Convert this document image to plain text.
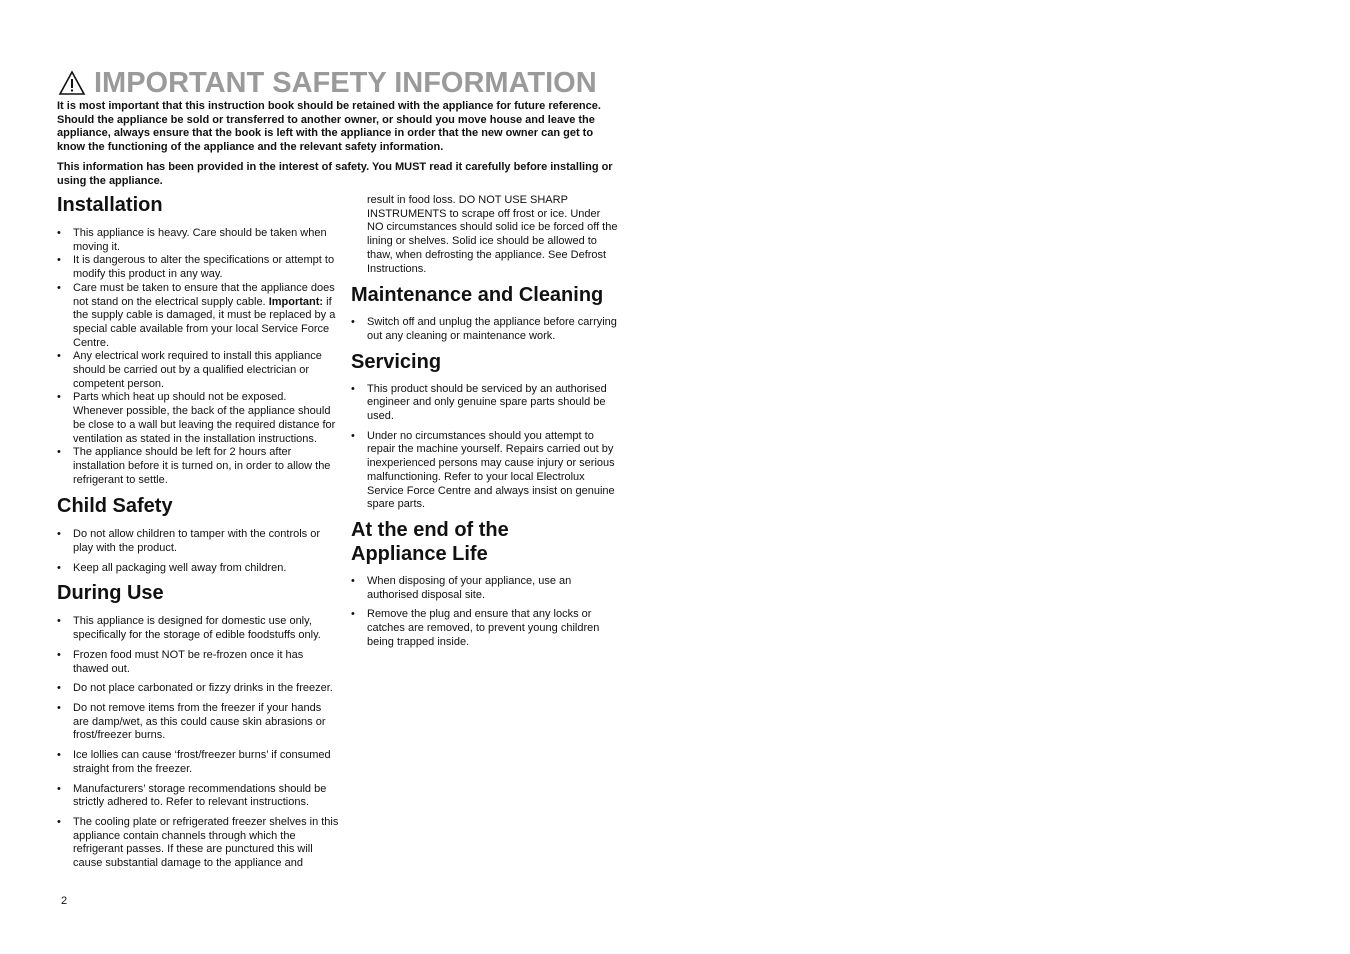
IMPORTANT SAFETY INFORMATION

It is most important that this instruction book should be retained with the appliance for future reference. Should the appliance be sold or transferred to another owner, or should you move house and leave the appliance, always ensure that the book is left with the appliance in order that the new owner can get to know the functioning of the appliance and the relevant safety information.

This information has been provided in the interest of safety. You MUST read it carefully before installing or using the appliance.

Installation
• This appliance is heavy. Care should be taken when moving it.
• It is dangerous to alter the specifications or attempt to modify this product in any way.
• Care must be taken to ensure that the appliance does not stand on the electrical supply cable. Important: if the supply cable is damaged, it must be replaced by a special cable available from your local Service Force Centre.
• Any electrical work required to install this appliance should be carried out by a qualified electrician or competent person.
• Parts which heat up should not be exposed. Whenever possible, the back of the appliance should be close to a wall but leaving the required distance for ventilation as stated in the installation instructions.
• The appliance should be left for 2 hours after installation before it is turned on, in order to allow the refrigerant to settle.
Child Safety
• Do not allow children to tamper with the controls or play with the product.
• Keep all packaging well away from children.
During Use
• This appliance is designed for domestic use only, specifically for the storage of edible foodstuffs only.
• Frozen food must NOT be re-frozen once it has thawed out.
• Do not place carbonated or fizzy drinks in the freezer.
• Do not remove items from the freezer if your hands are damp/wet, as this could cause skin abrasions or frost/freezer burns.
• Ice lollies can cause ‘frost/freezer burns’ if consumed straight from the freezer.
• Manufacturers’ storage recommendations should be strictly adhered to. Refer to relevant instructions.
• The cooling plate or refrigerated freezer shelves in this appliance contain channels through which the refrigerant passes. If these are punctured this will cause substantial damage to the appliance and
result in food loss. DO NOT USE SHARP INSTRUMENTS to scrape off frost or ice. Under NO circumstances should solid ice be forced off the lining or shelves. Solid ice should be allowed to thaw, when defrosting the appliance. See Defrost Instructions.
Maintenance and Cleaning
• Switch off and unplug the appliance before carrying out any cleaning or maintenance work.
Servicing
• This product should be serviced by an authorised engineer and only genuine spare parts should be used.
• Under no circumstances should you attempt to repair the machine yourself. Repairs carried out by inexperienced persons may cause injury or serious malfunctioning. Refer to your local Electrolux Service Force Centre and always insist on genuine spare parts.
At the end of the
Appliance Life
• When disposing of your appliance, use an authorised disposal site.
• Remove the plug and ensure that any locks or catches are removed, to prevent young children being trapped inside.
2
